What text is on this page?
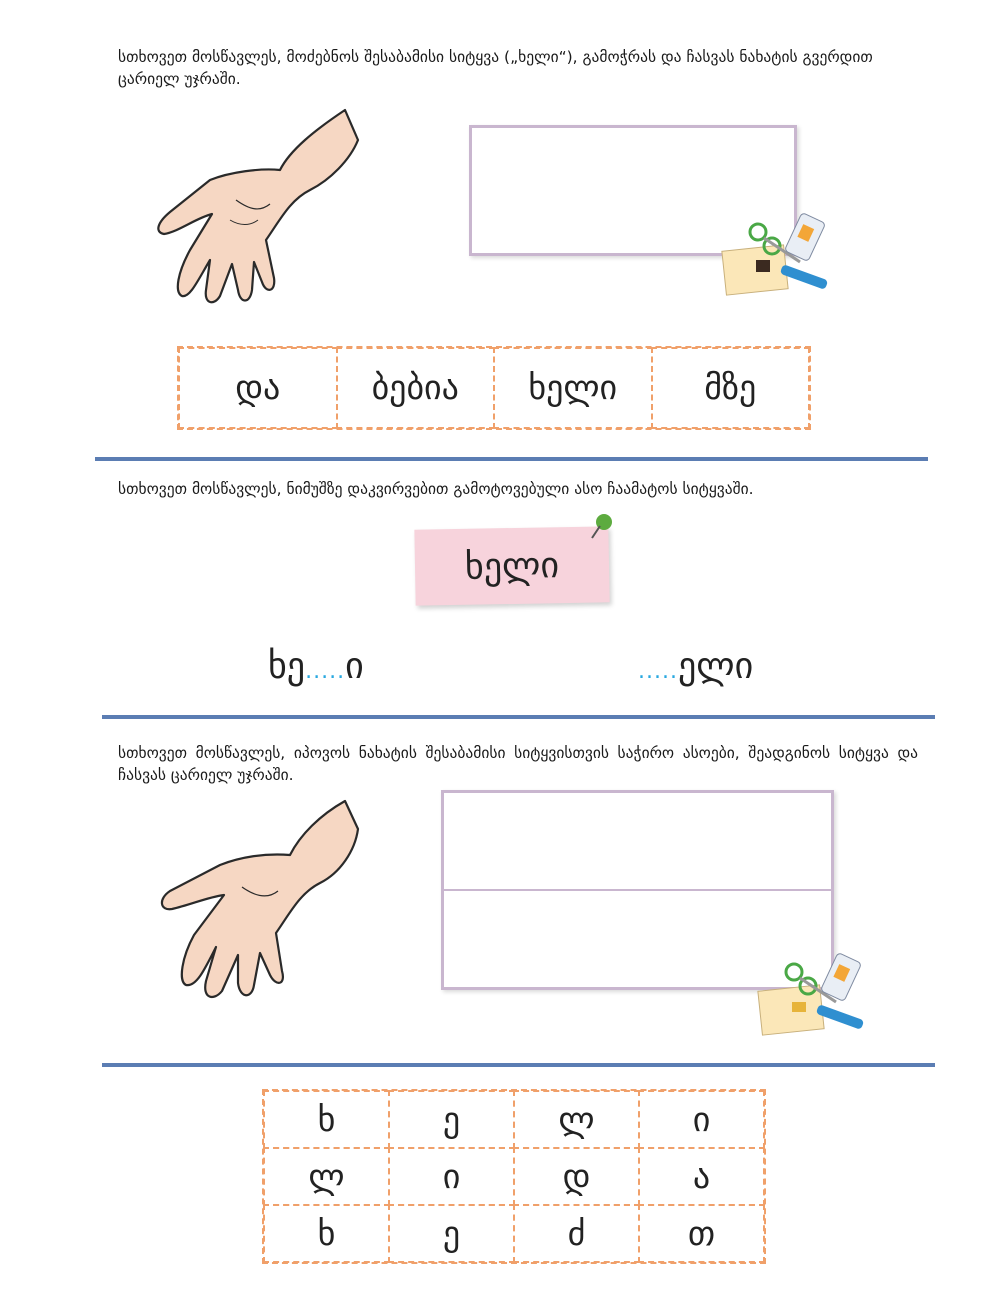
სთხოვეთ მოსწავლეს, მოძებნოს შესაბამისი სიტყვა („ხელი“), გამოჭრას და ჩასვას ნახატის გვერდით ცარიელ უჯრაში.
და	ბებია	ხელი	მზე
სთხოვეთ მოსწავლეს, ნიმუშზე დაკვირვებით გამოტოვებული ასო ჩაამატოს სიტყვაში.
ხელი
ხე ..... ი	..... ელი
სთხოვეთ მოსწავლეს, იპოვოს ნახატის შესაბამისი სიტყვისთვის საჭირო ასოები, შეადგინოს სიტყვა და ჩასვას ცარიელ უჯრაში.
ხ	ე	ლ	ი
ლ	ი	დ	ა
ხ	ე	ძ	თ
